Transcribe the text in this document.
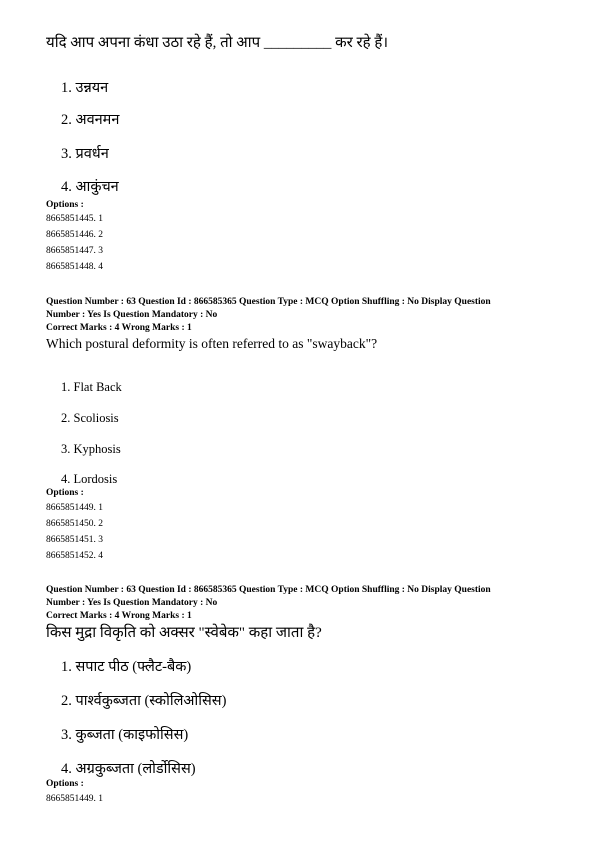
यदि आप अपना कंधा उठा रहे हैं, तो आप _________ कर रहे हैं।
1. उन्नयन
2. अवनमन
3. प्रवर्धन
4. आकुंचन
Options :
8665851445. 1
8665851446. 2
8665851447. 3
8665851448. 4
Question Number : 63 Question Id : 866585365 Question Type : MCQ Option Shuffling : No Display Question
Number : Yes Is Question Mandatory : No
Correct Marks : 4 Wrong Marks : 1
Which postural deformity is often referred to as "swayback"?
1. Flat Back
2. Scoliosis
3. Kyphosis
4. Lordosis
Options :
8665851449. 1
8665851450. 2
8665851451. 3
8665851452. 4
Question Number : 63 Question Id : 866585365 Question Type : MCQ Option Shuffling : No Display Question
Number : Yes Is Question Mandatory : No
Correct Marks : 4 Wrong Marks : 1
किस मुद्रा विकृति को अक्सर "स्वेबेक" कहा जाता है?
1. सपाट पीठ (फ्लैट-बैक)
2. पार्श्वकुब्जता (स्कोलिओसिस)
3. कुब्जता (काइफोसिस)
4. अग्रकुब्जता (लोर्डोसिस)
Options :
8665851449. 1
